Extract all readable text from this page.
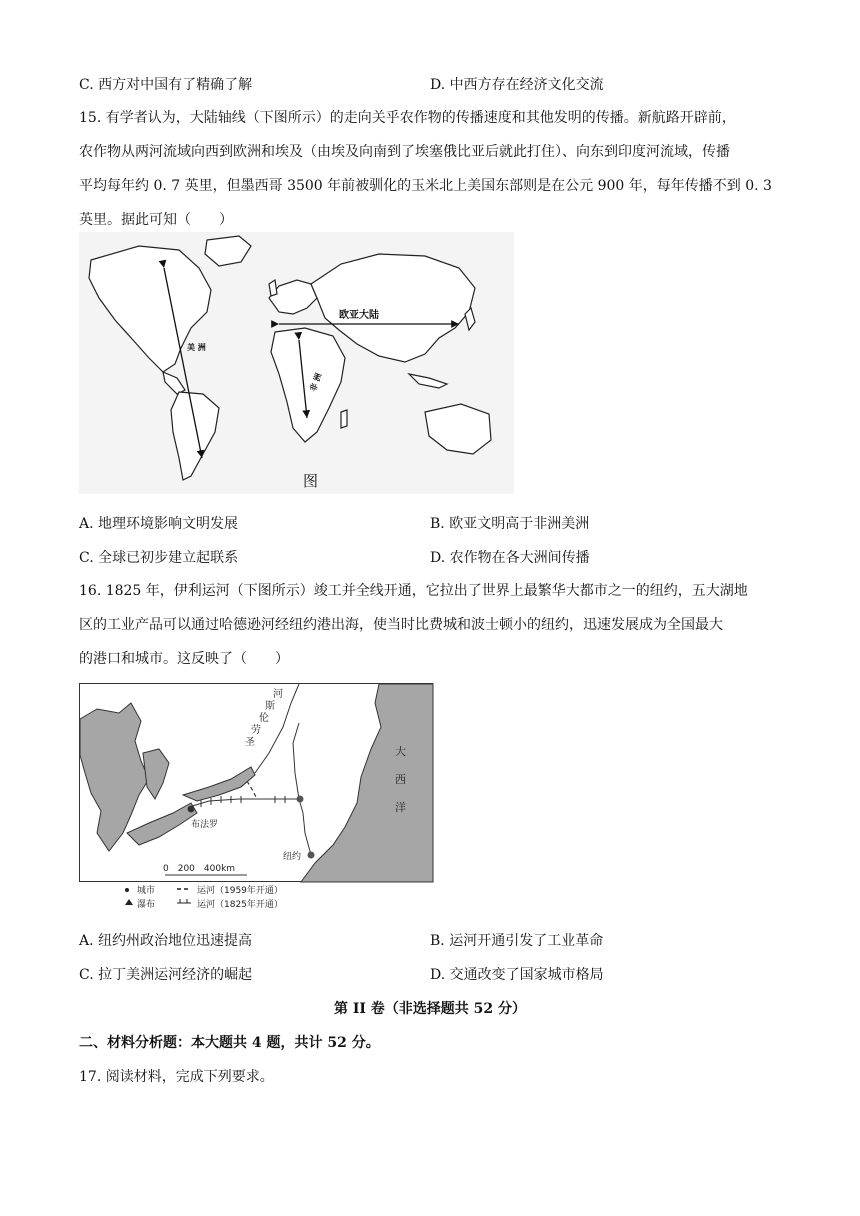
C. 西方对中国有了精确了解	D. 中西方存在经济文化交流
15. 有学者认为，大陆轴线（下图所示）的走向关乎农作物的传播速度和其他发明的传播。新航路开辟前，
农作物从两河流域向西到欧洲和埃及（由埃及向南到了埃塞俄比亚后就此打住）、向东到印度河流域，传播
平均每年约 0. 7 英里，但墨西哥 3500 年前被驯化的玉米北上美国东部则是在公元 900 年，每年传播不到 0. 3
英里。据此可知（　　）
欧亚大陆
美 洲
非 洲
图
A. 地理环境影响文明发展	B. 欧亚文明高于非洲美洲
C. 全球已初步建立起联系	D. 农作物在各大洲间传播
16. 1825 年，伊利运河（下图所示）竣工并全线开通，它拉出了世界上最繁华大都市之一的纽约，五大湖地
区的工业产品可以通过哈德逊河经纽约港出海，使当时比费城和波士顿小的纽约，迅速发展成为全国最大
的港口和城市。这反映了（　　）
河
斯
伦
劳
圣
大
西
洋
布法罗
纽约
0　200　400km
城市
瀑布
运河（1959年开通）
运河（1825年开通）
A. 纽约州政治地位迅速提高	B. 运河开通引发了工业革命
C. 拉丁美洲运河经济的崛起	D. 交通改变了国家城市格局
第 II 卷（非选择题共 52 分）
二、材料分析题：本大题共 4 题，共计 52 分。
17. 阅读材料，完成下列要求。
